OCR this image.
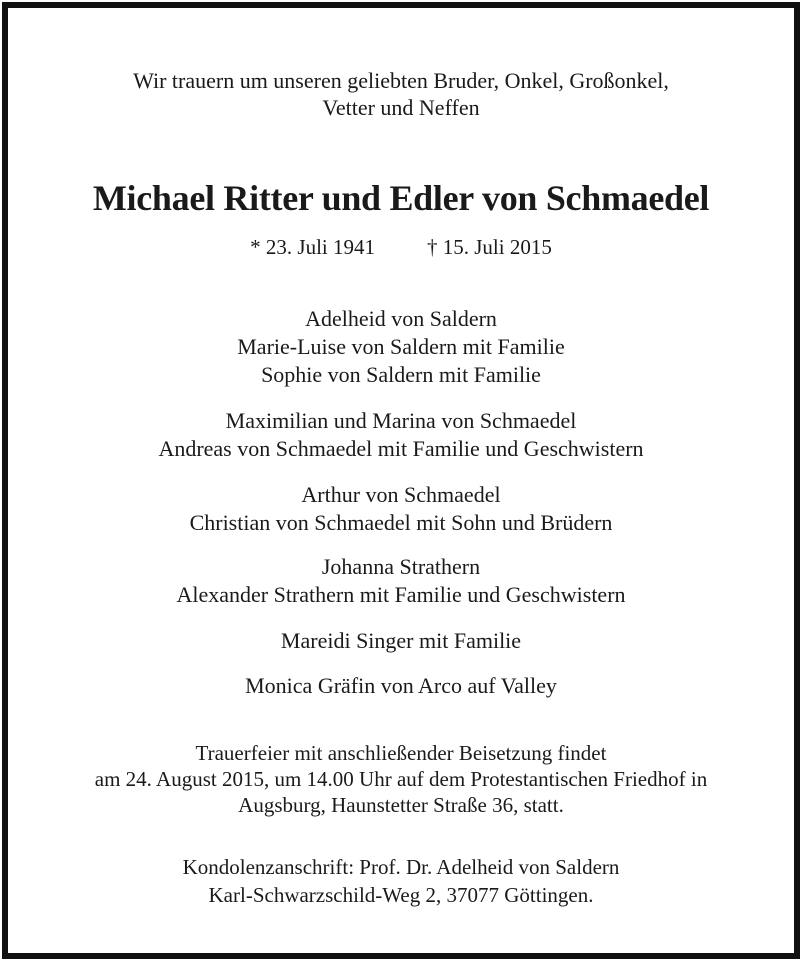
Wir trauern um unseren geliebten Bruder, Onkel, Großonkel,
Vetter und Neffen
Michael Ritter und Edler von Schmaedel
* 23. Juli 1941 † 15. Juli 2015
Adelheid von Saldern
Marie-Luise von Saldern mit Familie
Sophie von Saldern mit Familie
Maximilian und Marina von Schmaedel
Andreas von Schmaedel mit Familie und Geschwistern
Arthur von Schmaedel
Christian von Schmaedel mit Sohn und Brüdern
Johanna Strathern
Alexander Strathern mit Familie und Geschwistern
Mareidi Singer mit Familie
Monica Gräfin von Arco auf Valley
Trauerfeier mit anschließender Beisetzung findet
am 24. August 2015, um 14.00 Uhr auf dem Protestantischen Friedhof in
Augsburg, Haunstetter Straße 36, statt.
Kondolenzanschrift: Prof. Dr. Adelheid von Saldern
Karl-Schwarzschild-Weg 2, 37077 Göttingen.
